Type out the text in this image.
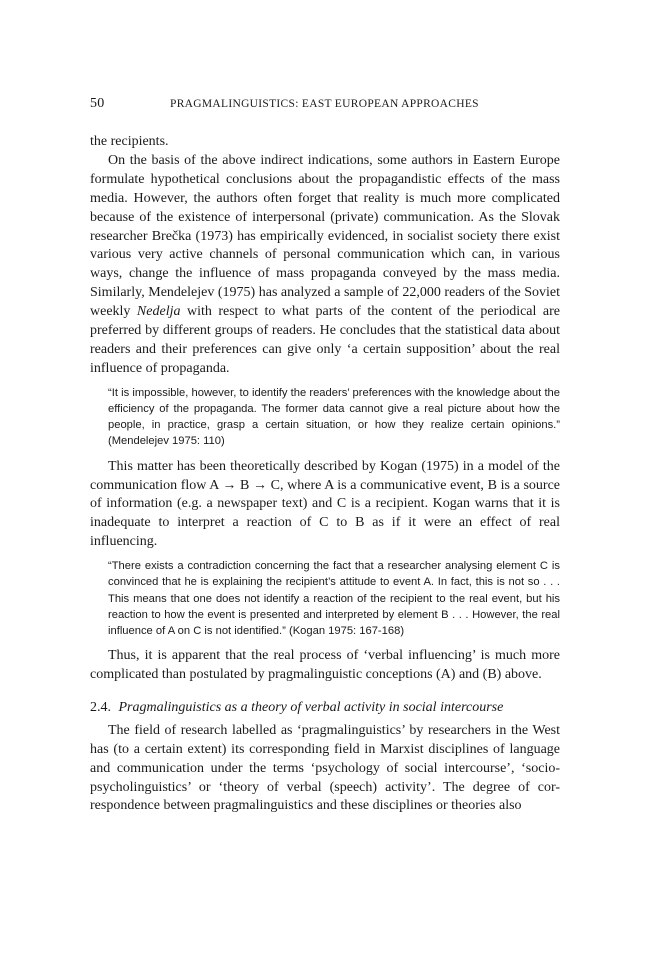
50	PRAGMALINGUISTICS: EAST EUROPEAN APPROACHES

the recipients.

On the basis of the above indirect indications, some authors in Eastern Europe formulate hypothetical conclusions about the propagandistic effects of the mass media. However, the authors often forget that reality is much more complicated because of the existence of interpersonal (private) communication. As the Slovak researcher Brečka (1973) has empirically evidenced, in socialist society there exist various very active channels of personal communication which can, in various ways, change the influence of mass propaganda conveyed by the mass media. Similarly, Mendelejev (1975) has analyzed a sample of 22,000 readers of the Soviet weekly Nedelja with respect to what parts of the content of the periodical are preferred by different groups of readers. He concludes that the statistical data about readers and their preferences can give only ‘a certain supposition’ about the real influence of propaganda.

“It is impossible, however, to identify the readers’ preferences with the knowledge about the efficiency of the propaganda. The former data cannot give a real picture about how the people, in practice, grasp a certain situation, or how they realize certain opinions.” (Mendelejev 1975: 110)

This matter has been theoretically described by Kogan (1975) in a model of the communication flow A → B → C, where A is a communicative event, B is a source of information (e.g. a newspaper text) and C is a recipient. Kogan warns that it is inadequate to interpret a reaction of C to B as if it were an effect of real influencing.

“There exists a contradiction concerning the fact that a researcher analysing element C is convinced that he is explaining the recipient’s attitude to event A. In fact, this is not so . . . This means that one does not identify a reaction of the recipient to the real event, but his reaction to how the event is presented and interpreted by element B . . . However, the real influence of A on C is not identified.” (Kogan 1975: 167-168)

Thus, it is apparent that the real process of ‘verbal influencing’ is much more complicated than postulated by pragmalinguistic conceptions (A) and (B) above.

2.4. Pragmalinguistics as a theory of verbal activity in social intercourse

The field of research labelled as ‘pragmalinguistics’ by researchers in the West has (to a certain extent) its corresponding field in Marxist disciplines of language and communication under the terms ‘psychology of social intercourse’, ‘socio-psycholinguistics’ or ‘theory of verbal (speech) activity’. The degree of cor-respondence between pragmalinguistics and these disciplines or theories also
